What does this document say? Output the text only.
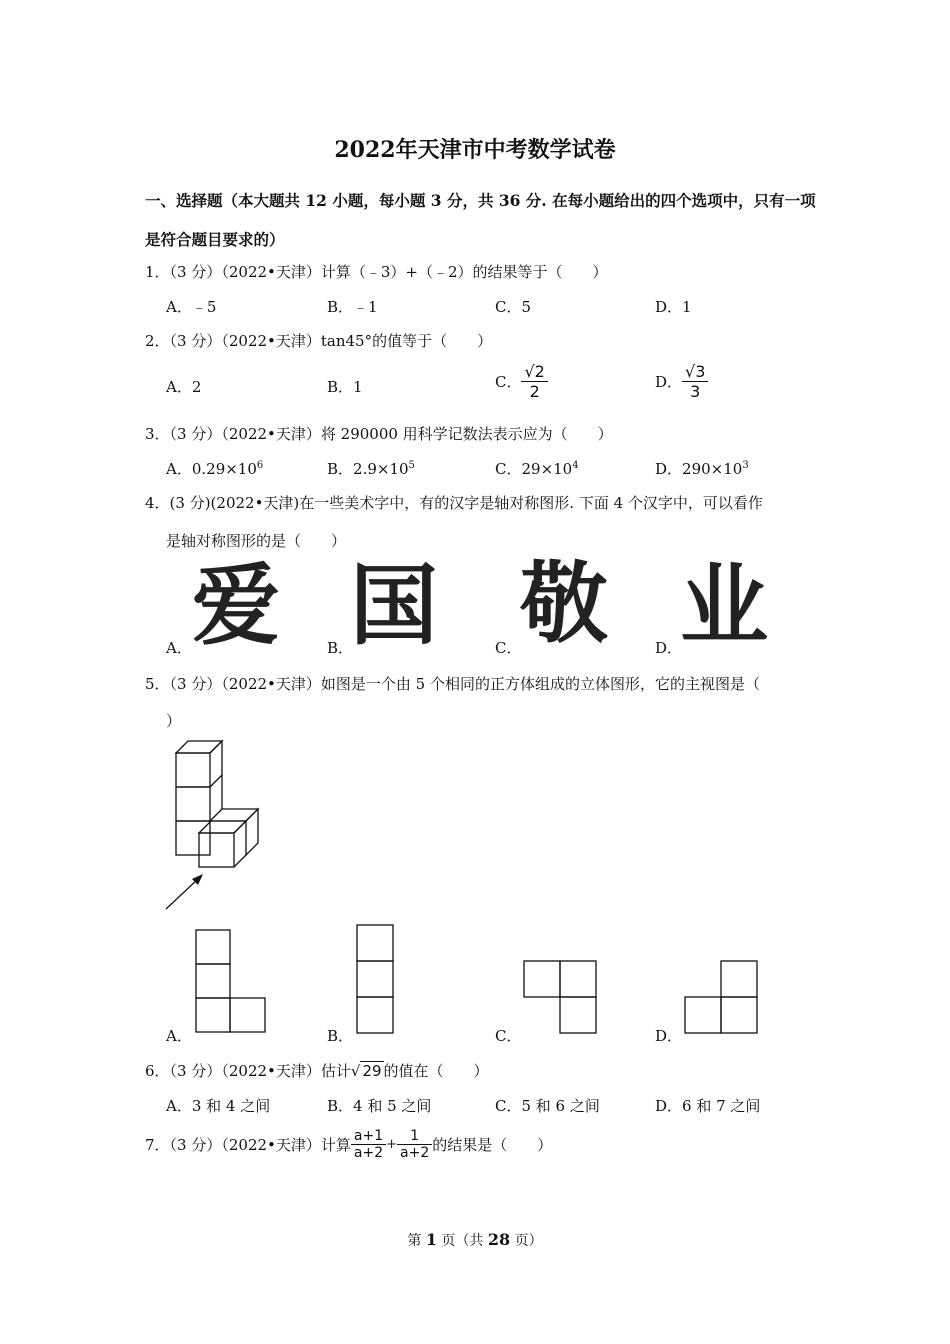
2022年天津市中考数学试卷
一、选择题（本大题共 12 小题，每小题 3 分，共 36 分. 在每小题给出的四个选项中，只有一项
是符合题目要求的）
1．（3 分）（2022•天津）计算（﹣3）+（﹣2）的结果等于（　　）
A．﹣5	B．﹣1	C．5	D．1
2．（3 分）（2022•天津）tan45°的值等于（　　）
A．2	B．1	C． $\frac{√2}{2}$	D． $\frac{√3}{3}$
3．（3 分）（2022•天津）将 290000 用科学记数法表示应为（　　）
A．$0.29\times 10^6$	B．$2.9\times 10^5$	C．$29\times 10^4$	D．$290\times 10^3$
4．(3 分)(2022•天津)在一些美术字中，有的汉字是轴对称图形. 下面 4 个汉字中，可以看作
是轴对称图形的是（　　）
爱 国 敬 业
A．	B．	C．	D．
5．（3 分）（2022•天津）如图是一个由 5 个相同的正方体组成的立体图形，它的主视图是（
）
A．	B．	C．	D．
6．（3 分）（2022•天津）估计√ 29 的值在（　　）
A．3 和 4 之间	B．4 和 5 之间	C．5 和 6 之间	D．6 和 7 之间
7．（3 分）（2022•天津）计算 $\frac{a+1}{a+2} + \frac{1}{a+2}$ 的结果是（　　）
第 1 页（共 28 页）
